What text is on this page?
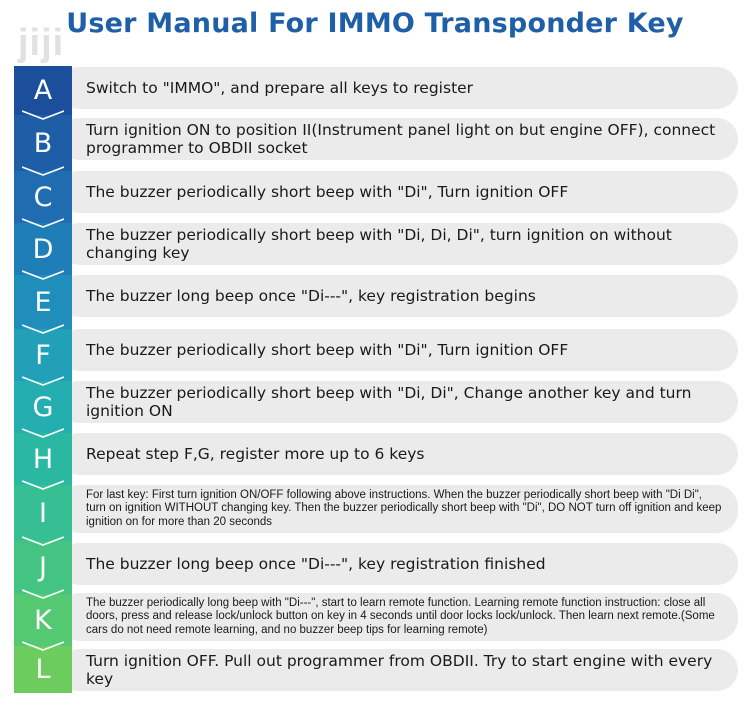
User Manual For IMMO Transponder Key
jiji
Switch to "IMMO", and prepare all keys to register
A
Turn ignition ON to position II(Instrument panel light on but engine OFF), connect programmer to OBDII socket
B
The buzzer periodically short beep with "Di", Turn ignition OFF
C
The buzzer periodically short beep with "Di, Di, Di", turn ignition on without changing key
D
The buzzer long beep once "Di---", key registration begins
E
The buzzer periodically short beep with "Di", Turn ignition OFF
F
The buzzer periodically short beep with "Di, Di", Change another key and turn ignition ON
G
Repeat step F,G, register more up to 6 keys
H
For last key: First turn ignition ON/OFF following above instructions. When the buzzer periodically short beep with "Di Di", turn on ignition WITHOUT changing key. Then the buzzer periodically short beep with "Di", DO NOT turn off ignition and keep ignition on for more than 20 seconds
I
The buzzer long beep once "Di---", key registration finished
J
The buzzer periodically long beep with "Di---", start to learn remote function. Learning remote function instruction: close all doors, press and release lock/unlock button on key in 4 seconds until door locks lock/unlock. Then learn next remote.(Some cars do not need remote learning, and no buzzer beep tips for learning remote)
K
Turn ignition OFF. Pull out programmer from OBDII. Try to start engine with every key
L
